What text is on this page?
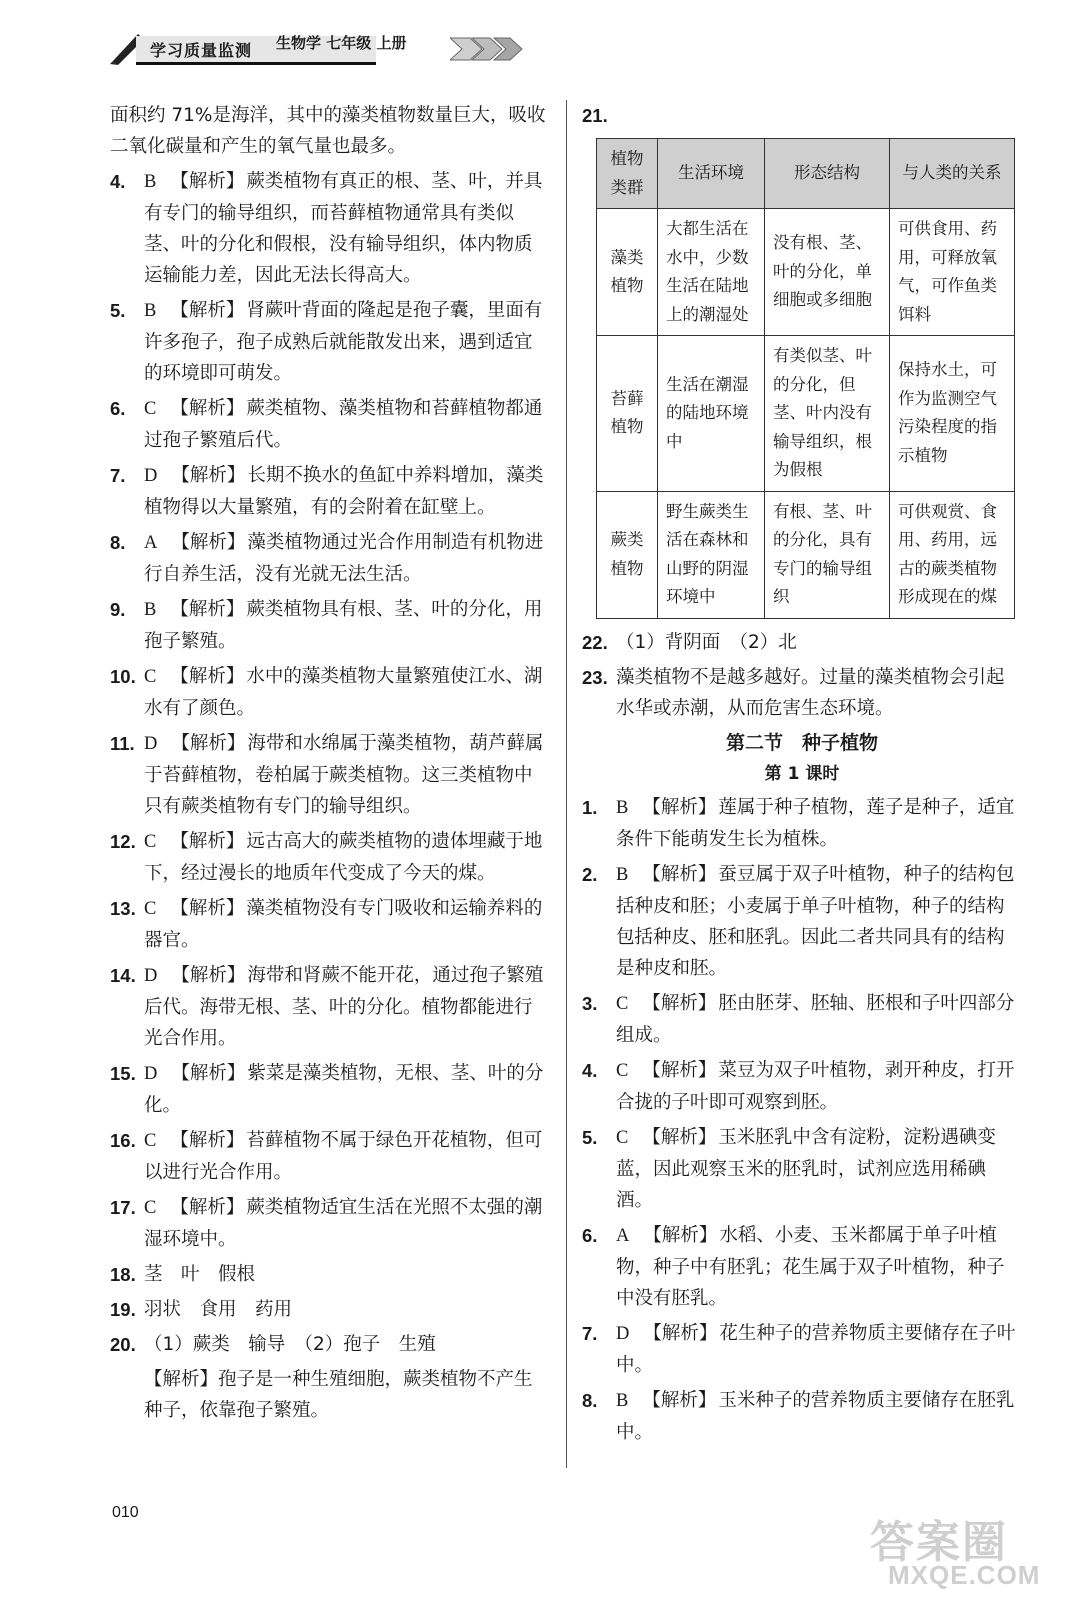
学习质量监测 生物学 七年级 上册
面积约 71%是海洋，其中的藻类植物数量巨大，吸收二氧化碳量和产生的氧气量也最多。
4. B 【解析】 蕨类植物有真正的根、茎、叶，并具有专门的输导组织，而苔藓植物通常具有类似茎、叶的分化和假根，没有输导组织，体内物质运输能力差，因此无法长得高大。
5. B 【解析】 肾蕨叶背面的隆起是孢子囊，里面有许多孢子，孢子成熟后就能散发出来，遇到适宜的环境即可萌发。
6. C 【解析】 蕨类植物、藻类植物和苔藓植物都通过孢子繁殖后代。
7. D 【解析】 长期不换水的鱼缸中养料增加，藻类植物得以大量繁殖，有的会附着在缸壁上。
8. A 【解析】 藻类植物通过光合作用制造有机物进行自养生活，没有光就无法生活。
9. B 【解析】 蕨类植物具有根、茎、叶的分化，用孢子繁殖。
10. C 【解析】 水中的藻类植物大量繁殖使江水、湖水有了颜色。
11. D 【解析】 海带和水绵属于藻类植物，葫芦藓属于苔藓植物，卷柏属于蕨类植物。这三类植物中只有蕨类植物有专门的输导组织。
12. C 【解析】 远古高大的蕨类植物的遗体埋藏于地下，经过漫长的地质年代变成了今天的煤。
13. C 【解析】 藻类植物没有专门吸收和运输养料的器官。
14. D 【解析】 海带和肾蕨不能开花，通过孢子繁殖后代。海带无根、茎、叶的分化。植物都能进行光合作用。
15. D 【解析】 紫菜是藻类植物，无根、茎、叶的分化。
16. C 【解析】 苔藓植物不属于绿色开花植物，但可以进行光合作用。
17. C 【解析】 蕨类植物适宜生活在光照不太强的潮湿环境中。
18. 茎　叶　假根
19. 羽状　食用　药用
20. （1）蕨类　输导　（2）孢子　生殖
【解析】孢子是一种生殖细胞，蕨类植物不产生种子，依靠孢子繁殖。
21.
植物类群	生活环境	形态结构	与人类的关系
藻类植物	大都生活在水中，少数生活在陆地上的潮湿处	没有根、茎、叶的分化，单细胞或多细胞	可供食用、药用，可释放氧气，可作鱼类饵料
苔藓植物	生活在潮湿的陆地环境中	有类似茎、叶的分化，但茎、叶内没有输导组织，根为假根	保持水土，可作为监测空气污染程度的指示植物
蕨类植物	野生蕨类生活在森林和山野的阴湿环境中	有根、茎、叶的分化，具有专门的输导组织	可供观赏、食用、药用，远古的蕨类植物形成现在的煤
22. （1）背阴面　（2）北
23. 藻类植物不是越多越好。过量的藻类植物会引起水华或赤潮，从而危害生态环境。
第二节　种子植物
第 1 课时
1. B 【解析】 莲属于种子植物，莲子是种子，适宜条件下能萌发生长为植株。
2. B 【解析】 蚕豆属于双子叶植物，种子的结构包括种皮和胚；小麦属于单子叶植物，种子的结构包括种皮、胚和胚乳。因此二者共同具有的结构是种皮和胚。
3. C 【解析】 胚由胚芽、胚轴、胚根和子叶四部分组成。
4. C 【解析】 菜豆为双子叶植物，剥开种皮，打开合拢的子叶即可观察到胚。
5. C 【解析】 玉米胚乳中含有淀粉，淀粉遇碘变蓝，因此观察玉米的胚乳时，试剂应选用稀碘酒。
6. A 【解析】 水稻、小麦、玉米都属于单子叶植物，种子中有胚乳；花生属于双子叶植物，种子中没有胚乳。
7. D 【解析】 花生种子的营养物质主要储存在子叶中。
8. B 【解析】 玉米种子的营养物质主要储存在胚乳中。
010
答案圈
MXQE.COM
